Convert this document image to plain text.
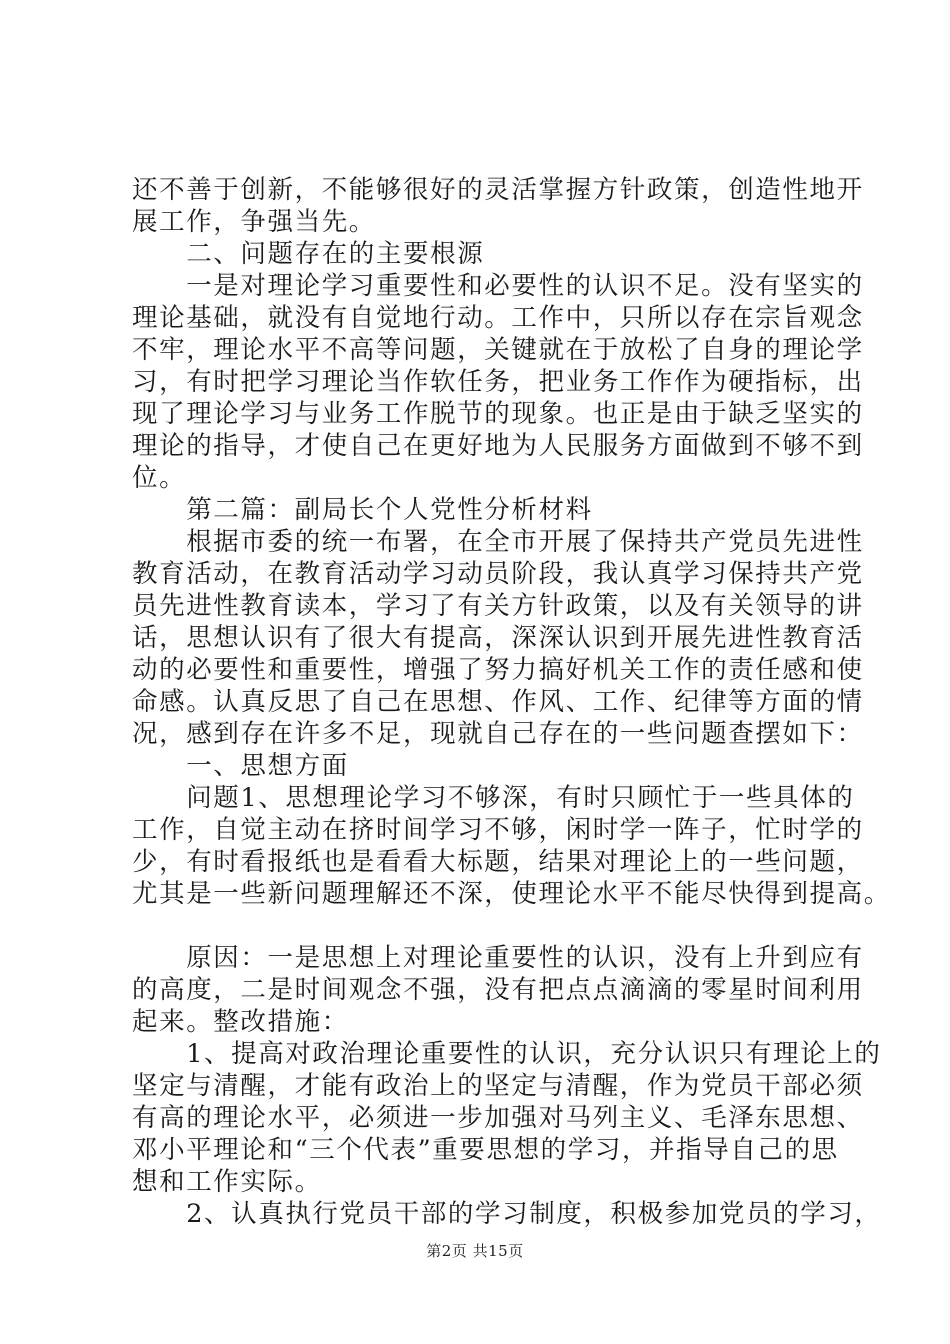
还不善于创新，不能够很好的灵活掌握方针政策，创造性地开
展工作，争强当先。
　　二、问题存在的主要根源
　　一是对理论学习重要性和必要性的认识不足。没有坚实的
理论基础，就没有自觉地行动。工作中，只所以存在宗旨观念
不牢，理论水平不高等问题，关键就在于放松了自身的理论学
习，有时把学习理论当作软任务，把业务工作作为硬指标，出
现了理论学习与业务工作脱节的现象。也正是由于缺乏坚实的
理论的指导，才使自己在更好地为人民服务方面做到不够不到
位。
　　第二篇：副局长个人党性分析材料
　　根据市委的统一布署，在全市开展了保持共产党员先进性
教育活动，在教育活动学习动员阶段，我认真学习保持共产党
员先进性教育读本，学习了有关方针政策，以及有关领导的讲
话，思想认识有了很大有提高，深深认识到开展先进性教育活
动的必要性和重要性，增强了努力搞好机关工作的责任感和使
命感。认真反思了自己在思想、作风、工作、纪律等方面的情
况，感到存在许多不足，现就自己存在的一些问题查摆如下：
　　一、思想方面
　　问题1、思想理论学习不够深，有时只顾忙于一些具体的
工作，自觉主动在挤时间学习不够，闲时学一阵子，忙时学的
少，有时看报纸也是看看大标题，结果对理论上的一些问题，
尤其是一些新问题理解还不深，使理论水平不能尽快得到提高。
　　原因：一是思想上对理论重要性的认识，没有上升到应有
的高度，二是时间观念不强，没有把点点滴滴的零星时间利用
起来。整改措施：
　　1、提高对政治理论重要性的认识，充分认识只有理论上的
坚定与清醒，才能有政治上的坚定与清醒，作为党员干部必须
有高的理论水平，必须进一步加强对马列主义、毛泽东思想、
邓小平理论和“三个代表”重要思想的学习，并指导自己的思
想和工作实际。
　　2、认真执行党员干部的学习制度，积极参加党员的学习，
第2页 共15页
